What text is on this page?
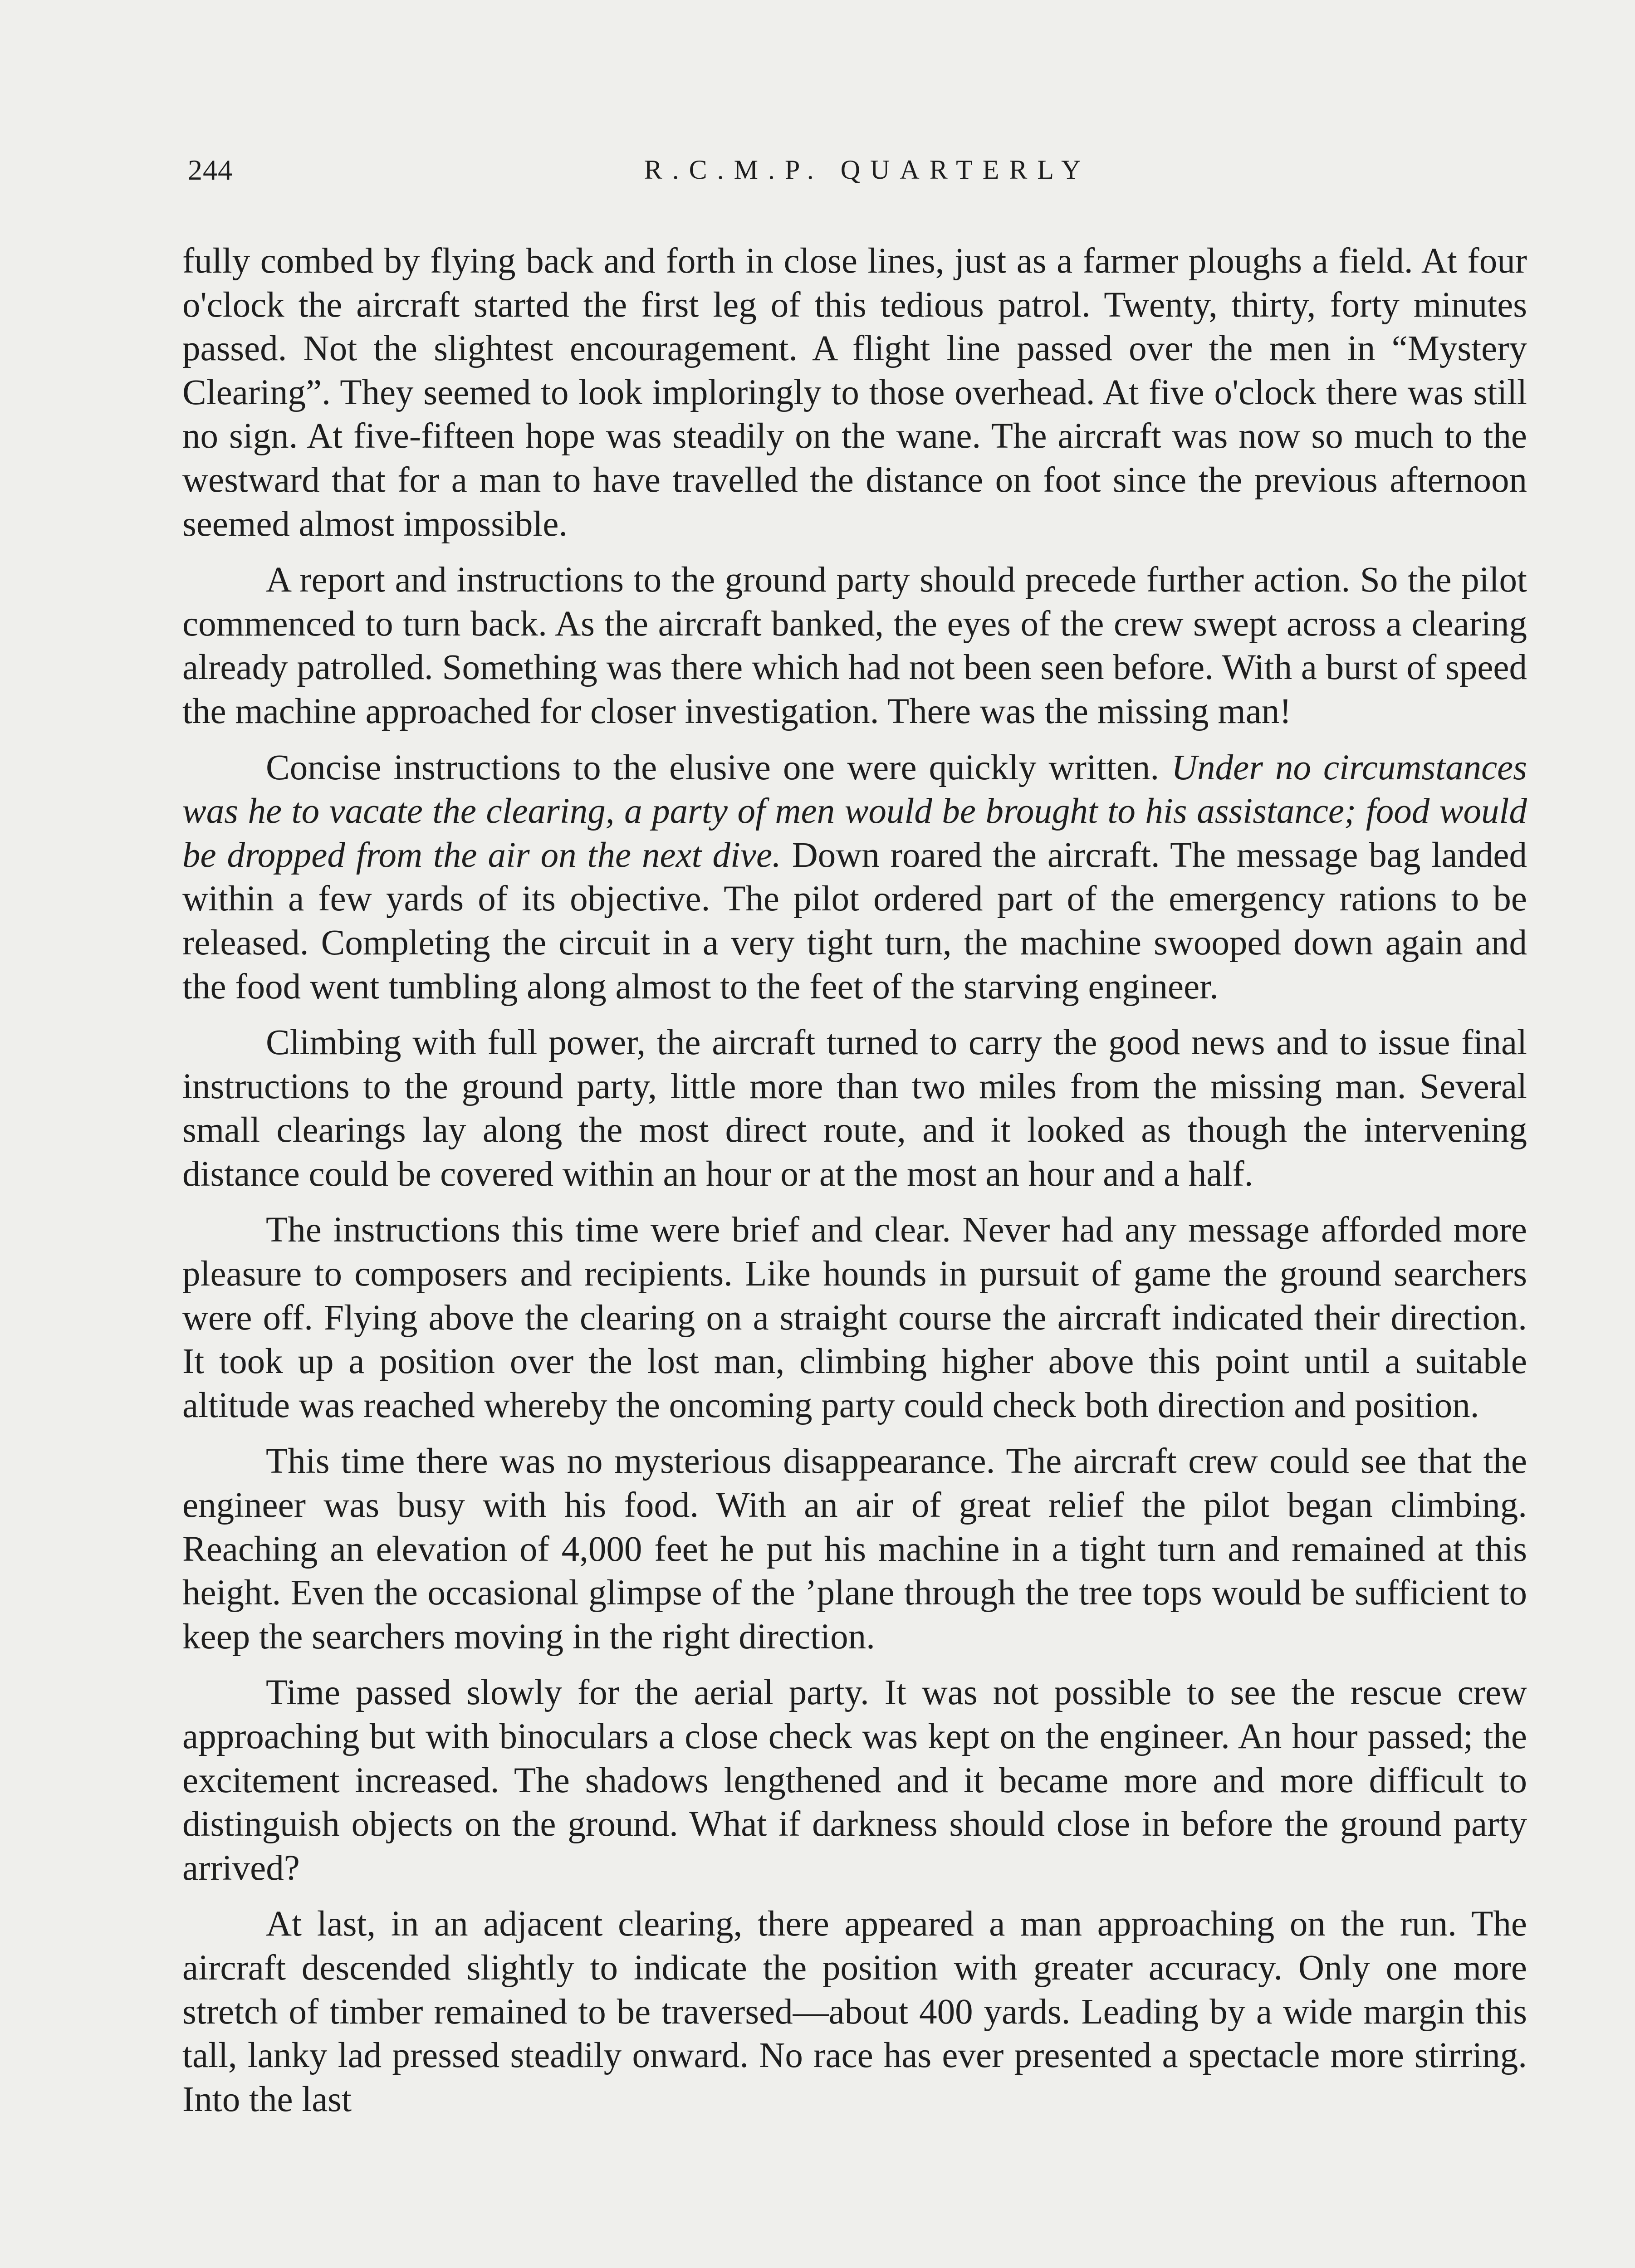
244	R.C.M.P. QUARTERLY

fully combed by flying back and forth in close lines, just as a farmer ploughs a field. At four o'clock the aircraft started the first leg of this tedious patrol. Twenty, thirty, forty minutes passed. Not the slightest encouragement. A flight line passed over the men in “Mystery Clearing”. They seemed to look imploringly to those overhead. At five o'clock there was still no sign. At five-fifteen hope was steadily on the wane. The aircraft was now so much to the westward that for a man to have travelled the distance on foot since the previous afternoon seemed almost impossible.

A report and instructions to the ground party should precede further action. So the pilot commenced to turn back. As the aircraft banked, the eyes of the crew swept across a clearing already patrolled. Something was there which had not been seen before. With a burst of speed the machine approached for closer investigation. There was the missing man!

Concise instructions to the elusive one were quickly written. Under no circumstances was he to vacate the clearing, a party of men would be brought to his assistance; food would be dropped from the air on the next dive. Down roared the aircraft. The message bag landed within a few yards of its objective. The pilot ordered part of the emergency rations to be released. Completing the circuit in a very tight turn, the machine swooped down again and the food went tumbling along almost to the feet of the starving engineer.

Climbing with full power, the aircraft turned to carry the good news and to issue final instructions to the ground party, little more than two miles from the missing man. Several small clearings lay along the most direct route, and it looked as though the intervening distance could be covered within an hour or at the most an hour and a half.

The instructions this time were brief and clear. Never had any message afforded more pleasure to composers and recipients. Like hounds in pursuit of game the ground searchers were off. Flying above the clearing on a straight course the aircraft indicated their direction. It took up a position over the lost man, climbing higher above this point until a suitable altitude was reached whereby the oncoming party could check both direction and position.

This time there was no mysterious disappearance. The aircraft crew could see that the engineer was busy with his food. With an air of great relief the pilot began climbing. Reaching an elevation of 4,000 feet he put his machine in a tight turn and remained at this height. Even the occasional glimpse of the ’plane through the tree tops would be sufficient to keep the searchers moving in the right direction.

Time passed slowly for the aerial party. It was not possible to see the rescue crew approaching but with binoculars a close check was kept on the engineer. An hour passed; the excitement increased. The shadows lengthened and it became more and more difficult to distinguish objects on the ground. What if darkness should close in before the ground party arrived?

At last, in an adjacent clearing, there appeared a man approaching on the run. The aircraft descended slightly to indicate the position with greater accuracy. Only one more stretch of timber remained to be traversed—about 400 yards. Leading by a wide margin this tall, lanky lad pressed steadily onward. No race has ever presented a spectacle more stirring. Into the last
